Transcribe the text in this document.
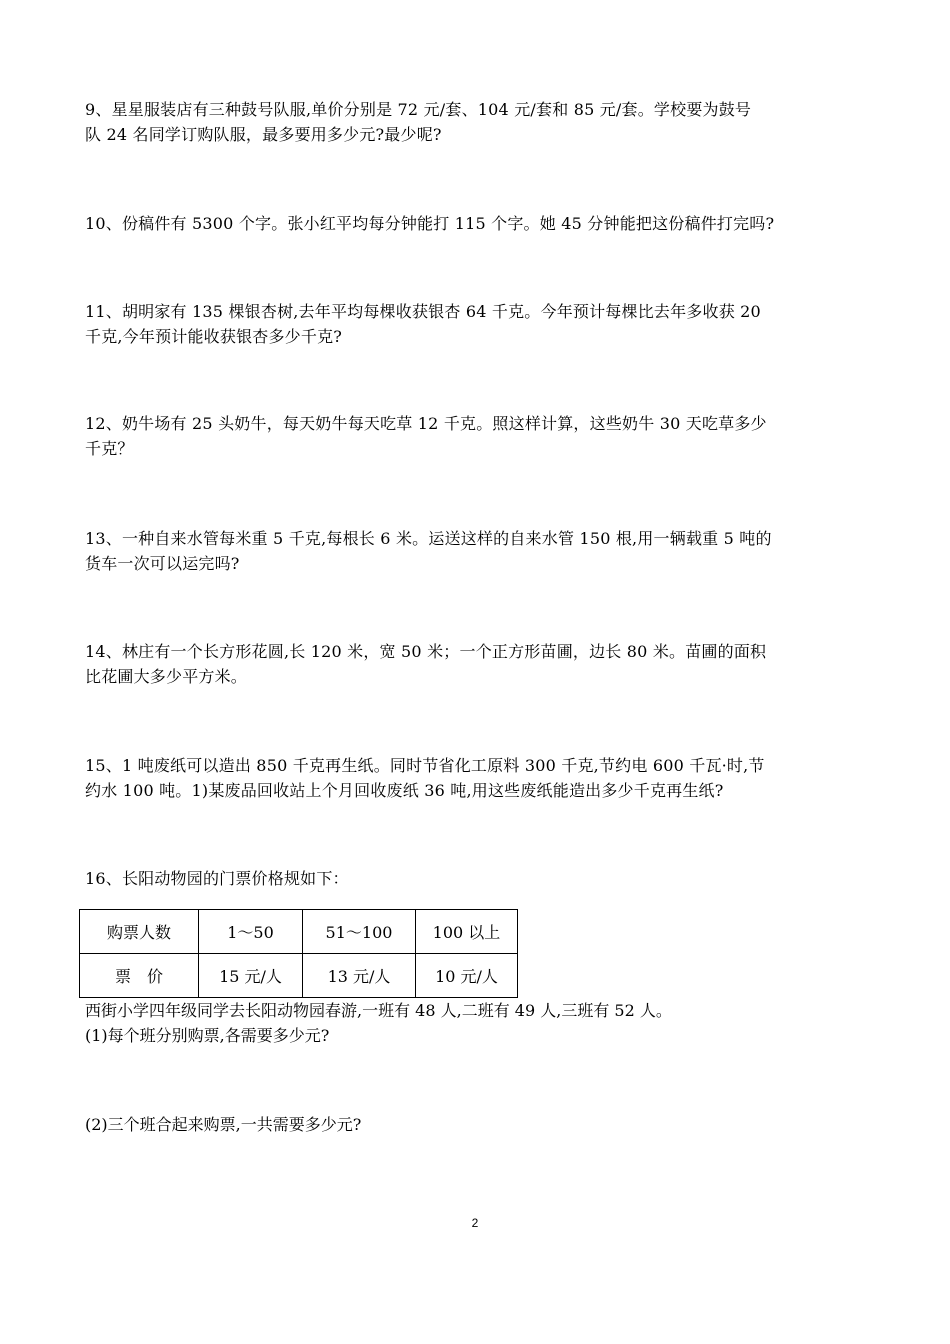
9、星星服装店有三种鼓号队服,单价分别是 72 元/套、104 元/套和 85 元/套。学校要为鼓号

队 24 名同学订购队服，最多要用多少元?最少呢?

10、份稿件有 5300 个字。张小红平均每分钟能打 115 个字。她 45 分钟能把这份稿件打完吗?

11、胡明家有 135 棵银杏树,去年平均每棵收获银杏 64 千克。今年预计每棵比去年多收获 20

千克,今年预计能收获银杏多少千克?

12、奶牛场有 25 头奶牛，每天奶牛每天吃草 12 千克。照这样计算，这些奶牛 30 天吃草多少

千克？

13、一种自来水管每米重 5 千克,每根长 6 米。运送这样的自来水管 150 根,用一辆载重 5 吨的

货车一次可以运完吗?

14、林庄有一个长方形花圆,长 120 米，宽 50 米；一个正方形苗圃，边长 80 米。苗圃的面积

比花圃大多少平方米。

15、1 吨废纸可以造出 850 千克再生纸。同时节省化工原料 300 千克,节约电 600 千瓦·时,节

约水 100 吨。1)某废品回收站上个月回收废纸 36 吨,用这些废纸能造出多少千克再生纸?

16、长阳动物园的门票价格规如下：

购票人数	1～50	51～100	100 以上
票　价	15 元/人	13 元/人	10 元/人

西街小学四年级同学去长阳动物园春游,一班有 48 人,二班有 49 人,三班有 52 人。

(1)每个班分别购票,各需要多少元?

(2)三个班合起来购票,一共需要多少元?
2
